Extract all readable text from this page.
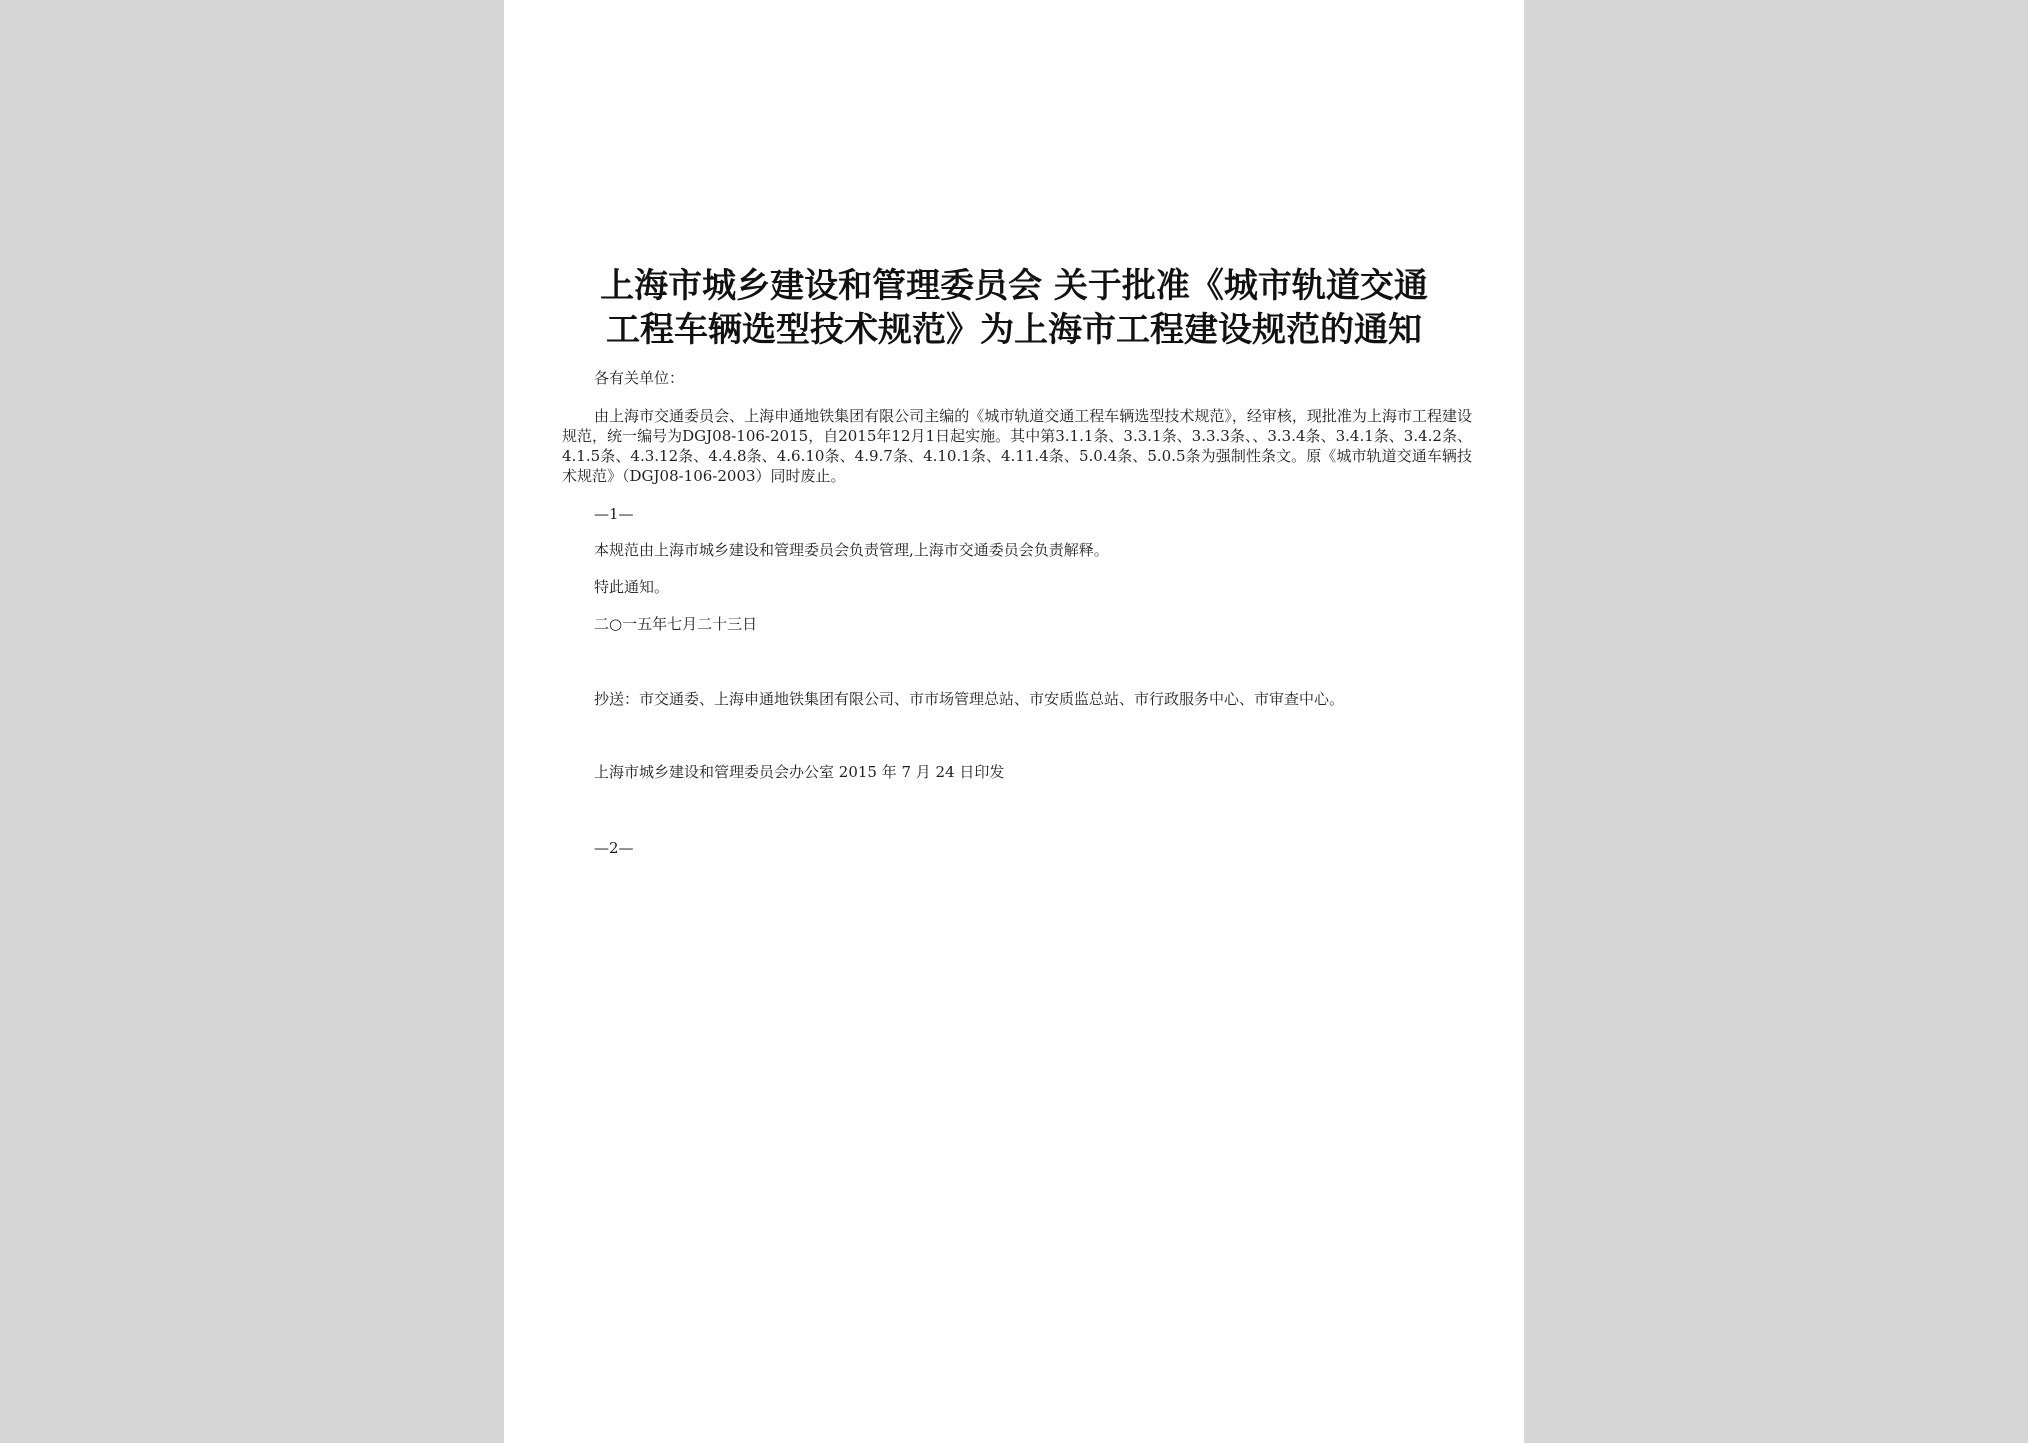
上海市城乡建设和管理委员会 关于批准《城市轨道交通
工程车辆选型技术规范》为上海市工程建设规范的通知

各有关单位：

由上海市交通委员会、上海申通地铁集团有限公司主编的《城市轨道交通工程车辆选型技术规范》，经审核，现批准为上海市工程建设规范，统一编号为DGJ08-106-2015，自2015年12月1日起实施。其中第3.1.1条、3.3.1条、3.3.3条、、3.3.4条、3.4.1条、3.4.2条、4.1.5条、4.3.12条、4.4.8条、4.6.10条、4.9.7条、4.10.1条、4.11.4条、5.0.4条、5.0.5条为强制性条文。原《城市轨道交通车辆技术规范》（DGJ08-106-2003）同时废止。

—1—

本规范由上海市城乡建设和管理委员会负责管理,上海市交通委员会负责解释。

特此通知。

二○一五年七月二十三日

抄送：市交通委、上海申通地铁集团有限公司、市市场管理总站、市安质监总站、市行政服务中心、市审查中心。

上海市城乡建设和管理委员会办公室 2015 年 7 月 24 日印发

—2—
